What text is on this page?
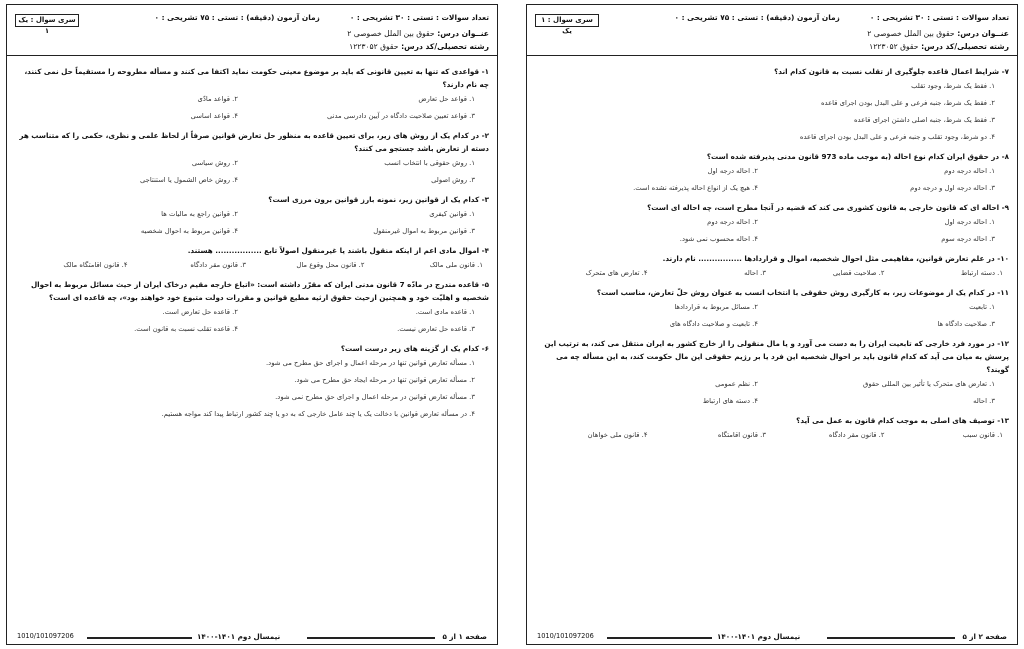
تعداد سوالات : تستی : ۳۰ تشریحی : ۰زمان آزمون (دقیقه) : تستی : ۷۵ تشریحی : ۰
سری سوال : یک ۱	عنــوان درس: حقوق بین الملل خصوصی ۲
رشته تحصیلی/کد درس: حقوق ۱۲۲۳۰۵۲
۱- قواعدی که تنها به تعیین قانونی که باید بر موضوع معینی حکومت نماید اکتفا می کنند و مسأله مطروحه را مستقیماً حل نمی کنند، چه نام دارند؟
۱. قواعد حل تعارض
۲. قواعد مادّی
۳. قواعد تعیین صلاحیت دادگاه در آیین دادرسی مدنی
۴. قواعد اساسی
۲- در کدام یک از روش های زیر، برای تعیین قاعده به منظور حل تعارض قوانین صرفاً از لحاظ علمی و نظری، حکمی را که متناسب هر دسته از تعارض باشد جستجو می کنند؟
۱. روش حقوقی با انتخاب انسب
۲. روش سیاسی
۳. روش اصولی
۴. روش خاص الشمول یا استنتاجی
۳- کدام یک از قوانین زیر، نمونه بارز قوانین برون مرزی است؟
۱. قوانین کیفری
۲. قوانین راجع به مالیات ها
۳. قوانین مربوط به اموال غیرمنقول
۴. قوانین مربوط به احوال شخصیه
۴- اموال مادی اعم از اینکه منقول باشند یا غیرمنقول اصولاً تابع ................. هستند.
۱. قانون ملی مالک
۲. قانون محل وقوع مال
۳. قانون مقر دادگاه
۴. قانون اقامتگاه مالک
۵- قاعده مندرج در مادّه 7 قانون مدنی ایران که مقرّر داشته است: «اتباع خارجه مقیم درخاک ایران از حیث مسائل مربوط به احوال شخصیه و اهلیّت خود و همچنین ازحیث حقوق ارثیه مطیع قوانین و مقررات دولت متبوع خود خواهند بود»، چه قاعده ای است؟
۱. قاعده مادی است.
۲. قاعده حل تعارض است.
۳. قاعده حل تعارض نیست.
۴. قاعده تقلب نسبت به قانون است.
۶- کدام یک از گزینه های زیر درست است؟
۱. مسأله تعارض قوانین تنها در مرحله اعمال و اجرای حق مطرح می شود.
۲. مسأله تعارض قوانین تنها در مرحله ایجاد حق مطرح می شود.
۳. مسأله تعارض قوانین در مرحله اعمال و اجرای حق مطرح نمی شود.
۴. در مسأله تعارض قوانین با دخالت یک یا چند عامل خارجی که به دو یا چند کشور ارتباط پیدا کند مواجه هستیم.
صفحه ۱ از ۵
نیمسال دوم ۱۴۰۱-۱۴۰۰
1010/101097206
تعداد سوالات : تستی : ۳۰ تشریحی : ۰زمان آزمون (دقیقه) : تستی : ۷۵ تشریحی : ۰
سری سوال : ۱ یک	عنــوان درس: حقوق بین الملل خصوصی ۲
رشته تحصیلی/کد درس: حقوق ۱۲۲۳۰۵۲
۷- شرایط اعمال قاعده جلوگیری از تقلب نسبت به قانون کدام اند؟
۱. فقط یک شرط، وجود تقلب
۲. فقط یک شرط، جنبه فرعی و علی البدل بودن اجرای قاعده
۳. فقط یک شرط، جنبه اصلی داشتن اجرای قاعده
۴. دو شرط، وجود تقلب و جنبه فرعی و علی البدل بودن اجرای قاعده
۸- در حقوق ایران کدام نوع احاله (به موجب ماده 973 قانون مدنی پذیرفته شده است؟
۱. احاله درجه دوم
۲. احاله درجه اول
۳. احاله درجه اول و درجه دوم
۴. هیچ یک از انواع احاله پذیرفته نشده است.
۹- احاله ای که قانون خارجی به قانون کشوری می کند که قضیه در آنجا مطرح است، چه احاله ای است؟
۱. احاله درجه اول
۲. احاله درجه دوم
۳. احاله درجه سوم
۴. احاله محسوب نمی شود.
۱۰- در علم تعارض قوانین، مفاهیمی مثل احوال شخصیه، اموال و قراردادها ................ نام دارند.
۱. دسته ارتباط
۲. صلاحیت قضایی
۳. احاله
۴. تعارض های متحرک
۱۱- در کدام یک از موضوعات زیر، به کارگیری روش حقوقی با انتخاب انسب به عنوان روش حلّ تعارض، مناسب است؟
۱. تابعیت
۲. مسائل مربوط به قراردادها
۳. صلاحیت دادگاه ها
۴. تابعیت و صلاحیت دادگاه های
۱۲- در مورد فرد خارجی که تابعیت ایران را به دست می آورد و یا مال منقولی را از خارج کشور به ایران منتقل می کند، به ترتیب این پرسش به میان می آید که کدام قانون باید بر احوال شخصیه این فرد یا بر رژیم حقوقی این مال حکومت کند، به این مسأله چه می گویند؟
۱. تعارض های متحرک یا تأثیر بین المللی حقوق
۲. نظم عمومی
۳. احاله
۴. دسته های ارتباط
۱۳- توصیف های اصلی به موجب کدام قانون به عمل می آید؟
۱. قانون سبب
۲. قانون مقر دادگاه
۳. قانون اقامتگاه
۴. قانون ملی خواهان
صفحه ۲ از ۵
نیمسال دوم ۱۴۰۱-۱۴۰۰
1010/101097206
